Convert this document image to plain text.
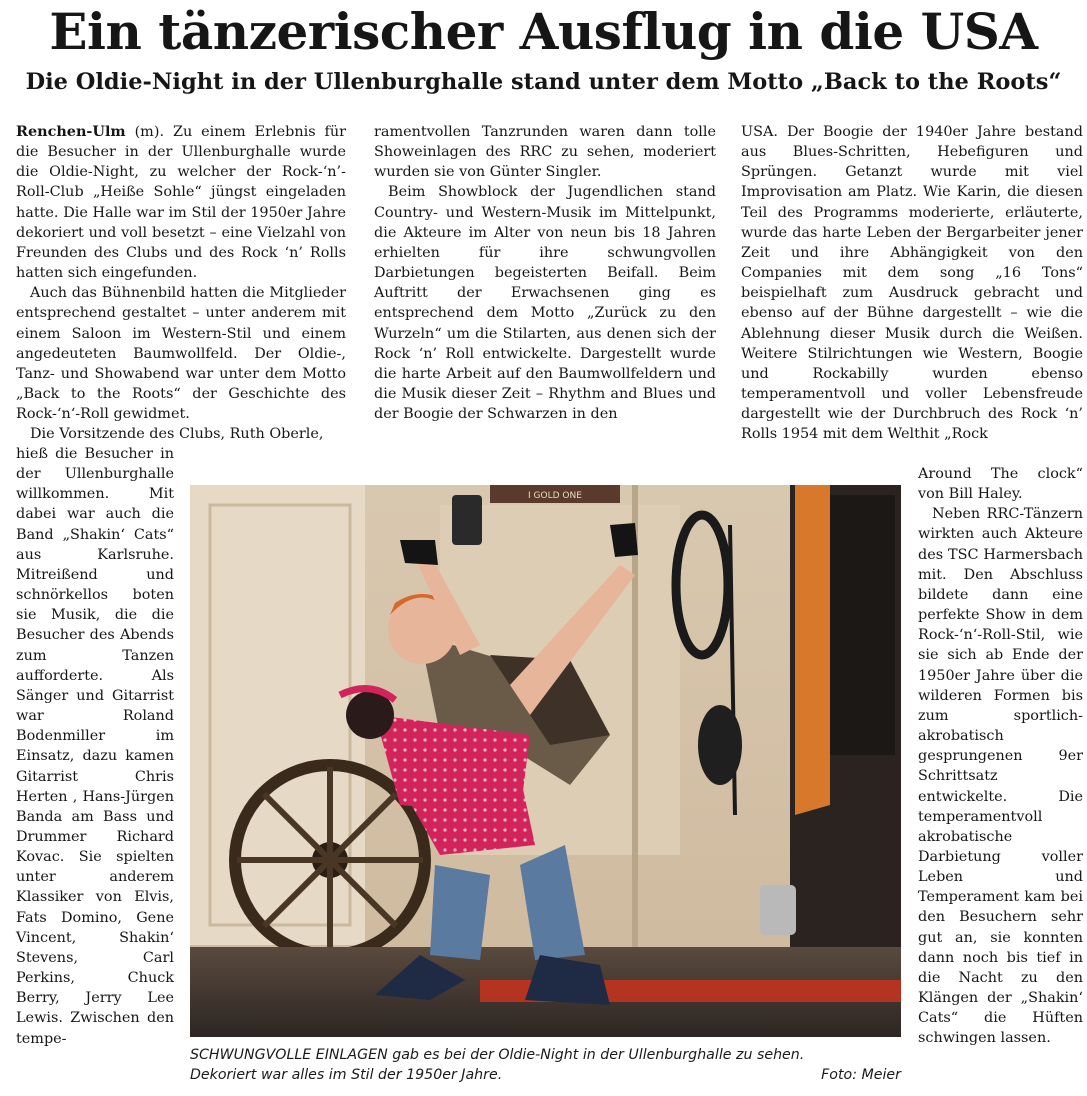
Ein tänzerischer Ausflug in die USA
Die Oldie-Night in der Ullenburghalle stand unter dem Motto „Back to the Roots“

Renchen-Ulm (m). Zu einem Erlebnis für die Besucher in der Ullenburghalle wurde die Oldie-Night, zu welcher der Rock-‘n’-Roll-Club „Heiße Sohle“ jüngst eingeladen hatte. Die Halle war im Stil der 1950er Jahre dekoriert und voll besetzt – eine Vielzahl von Freunden des Clubs und des Rock ‘n’ Rolls hatten sich eingefunden.

Auch das Bühnenbild hatten die Mitglieder entsprechend gestaltet – unter anderem mit einem Saloon im Western-Stil und einem angedeuteten Baumwollfeld. Der Oldie-, Tanz- und Showabend war unter dem Motto „Back to the Roots“ der Geschichte des Rock-‘n‘-Roll gewidmet.

Die Vorsitzende des Clubs, Ruth Oberle,

hieß die Besucher in der Ullenburghalle willkommen. Mit dabei war auch die Band „Shakin‘ Cats“ aus Karlsruhe. Mitreißend und schnörkellos boten sie Musik, die die Besucher des Abends zum Tanzen aufforderte. Als Sänger und Gitarrist war Roland Bodenmiller im Einsatz, dazu kamen Gitarrist Chris Herten , Hans-Jürgen Banda am Bass und Drummer Richard Kovac. Sie spielten unter anderem Klassiker von Elvis, Fats Domino, Gene Vincent, Shakin‘ Stevens, Carl Perkins, Chuck Berry, Jerry Lee Lewis. Zwischen den tempe-

ramentvollen Tanzrunden waren dann tolle Showeinlagen des RRC zu sehen, moderiert wurden sie von Günter Singler.

Beim Showblock der Jugendlichen stand Country- und Western-Musik im Mittelpunkt, die Akteure im Alter von neun bis 18 Jahren erhielten für ihre schwungvollen Darbietungen begeisterten Beifall. Beim Auftritt der Erwachsenen ging es entsprechend dem Motto „Zurück zu den Wurzeln“ um die Stilarten, aus denen sich der Rock ‘n’ Roll entwickelte. Dargestellt wurde die harte Arbeit auf den Baumwollfeldern und die Musik dieser Zeit – Rhythm and Blues und der Boogie der Schwarzen in den

USA. Der Boogie der 1940er Jahre bestand aus Blues-Schritten, Hebefiguren und Sprüngen. Getanzt wurde mit viel Improvisation am Platz. Wie Karin, die diesen Teil des Programms moderierte, erläuterte, wurde das harte Leben der Bergarbeiter jener Zeit und ihre Abhängigkeit von den Companies mit dem song „16 Tons“ beispielhaft zum Ausdruck gebracht und ebenso auf der Bühne dargestellt – wie die Ablehnung dieser Musik durch die Weißen. Weitere Stilrichtungen wie Western, Boogie und Rockabilly wurden ebenso temperamentvoll und voller Lebensfreude dargestellt wie der Durchbruch des Rock ‘n’ Rolls 1954 mit dem Welthit „Rock

Around The clock“ von Bill Haley.

Neben RRC-Tänzern wirkten auch Akteure des TSC Harmersbach mit. Den Abschluss bildete dann eine perfekte Show in dem Rock-‘n‘-Roll-Stil, wie sie sich ab Ende der 1950er Jahre über die wilderen Formen bis zum sportlich-akrobatisch gesprungenen 9er Schrittsatz entwickelte. Die temperamentvoll akrobatische Darbietung voller Leben und Temperament kam bei den Besuchern sehr gut an, sie konnten dann noch bis tief in die Nacht zu den Klängen der „Shakin‘ Cats“ die Hüften schwingen lassen.

I GOLD ONE
SCHWUNGVOLLE EINLAGEN gab es bei der Oldie-Night in der Ullenburghalle zu sehen.
Dekoriert war alles im Stil der 1950er Jahre.	Foto: Meier
